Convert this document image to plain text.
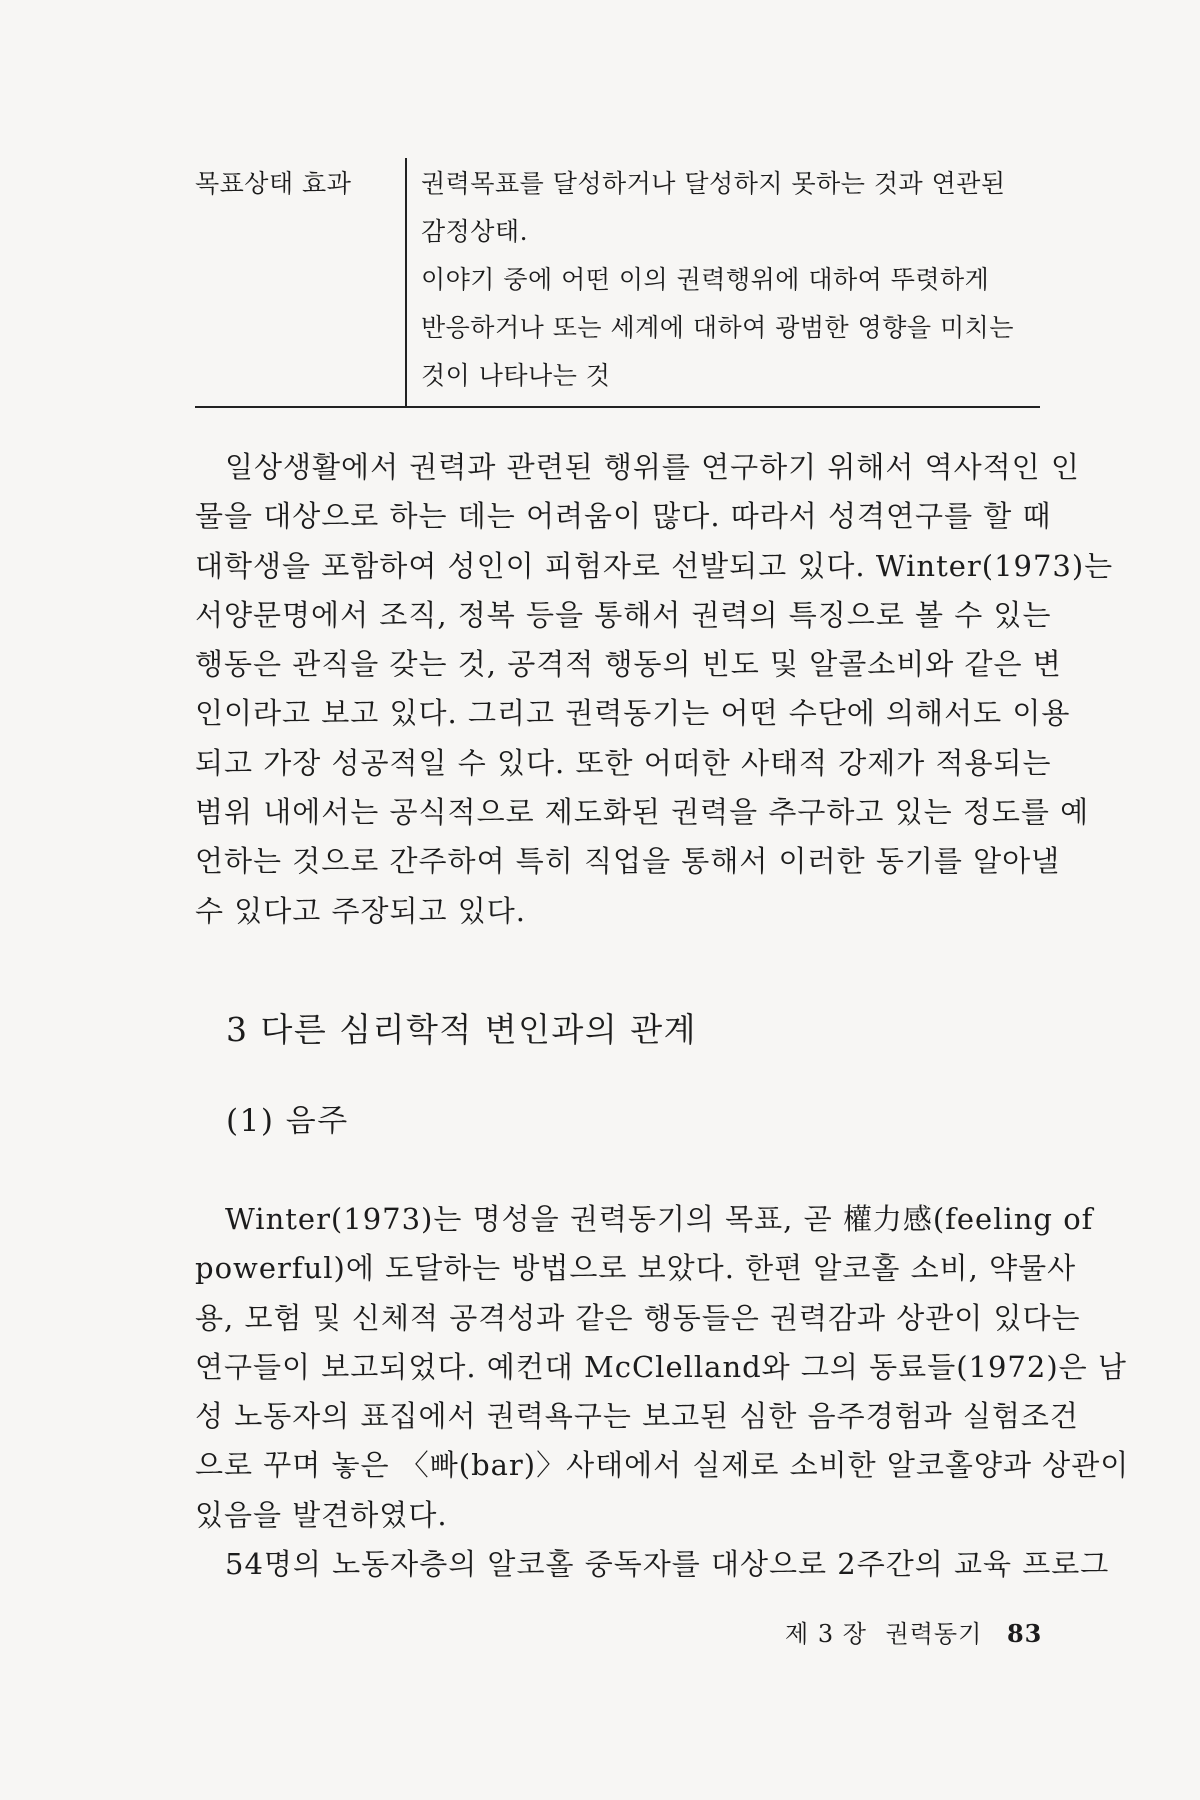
목표상태 효과	권력목표를 달성하거나 달성하지 못하는 것과 연관된
감정상태.
이야기 중에 어떤 이의 권력행위에 대하여 뚜렷하게
반응하거나 또는 세계에 대하여 광범한 영향을 미치는
것이 나타나는 것
일상생활에서 권력과 관련된 행위를 연구하기 위해서 역사적인 인
물을 대상으로 하는 데는 어려움이 많다. 따라서 성격연구를 할 때
대학생을 포함하여 성인이 피험자로 선발되고 있다. Winter(1973)는
서양문명에서 조직, 정복 등을 통해서 권력의 특징으로 볼 수 있는
행동은 관직을 갖는 것, 공격적 행동의 빈도 및 알콜소비와 같은 변
인이라고 보고 있다. 그리고 권력동기는 어떤 수단에 의해서도 이용
되고 가장 성공적일 수 있다. 또한 어떠한 사태적 강제가 적용되는
범위 내에서는 공식적으로 제도화된 권력을 추구하고 있는 정도를 예
언하는 것으로 간주하여 특히 직업을 통해서 이러한 동기를 알아낼
수 있다고 주장되고 있다.
3 다른 심리학적 변인과의 관계
(1) 음주
Winter(1973)는 명성을 권력동기의 목표, 곧 權力感(feeling of
powerful)에 도달하는 방법으로 보았다. 한편 알코홀 소비, 약물사
용, 모험 및 신체적 공격성과 같은 행동들은 권력감과 상관이 있다는
연구들이 보고되었다. 예컨대 McClelland와 그의 동료들(1972)은 남
성 노동자의 표집에서 권력욕구는 보고된 심한 음주경험과 실험조건
으로 꾸며 놓은 〈빠(bar)〉사태에서 실제로 소비한 알코홀양과 상관이
있음을 발견하였다.
54명의 노동자층의 알코홀 중독자를 대상으로 2주간의 교육 프로그
제 3 장 권력동기 83
